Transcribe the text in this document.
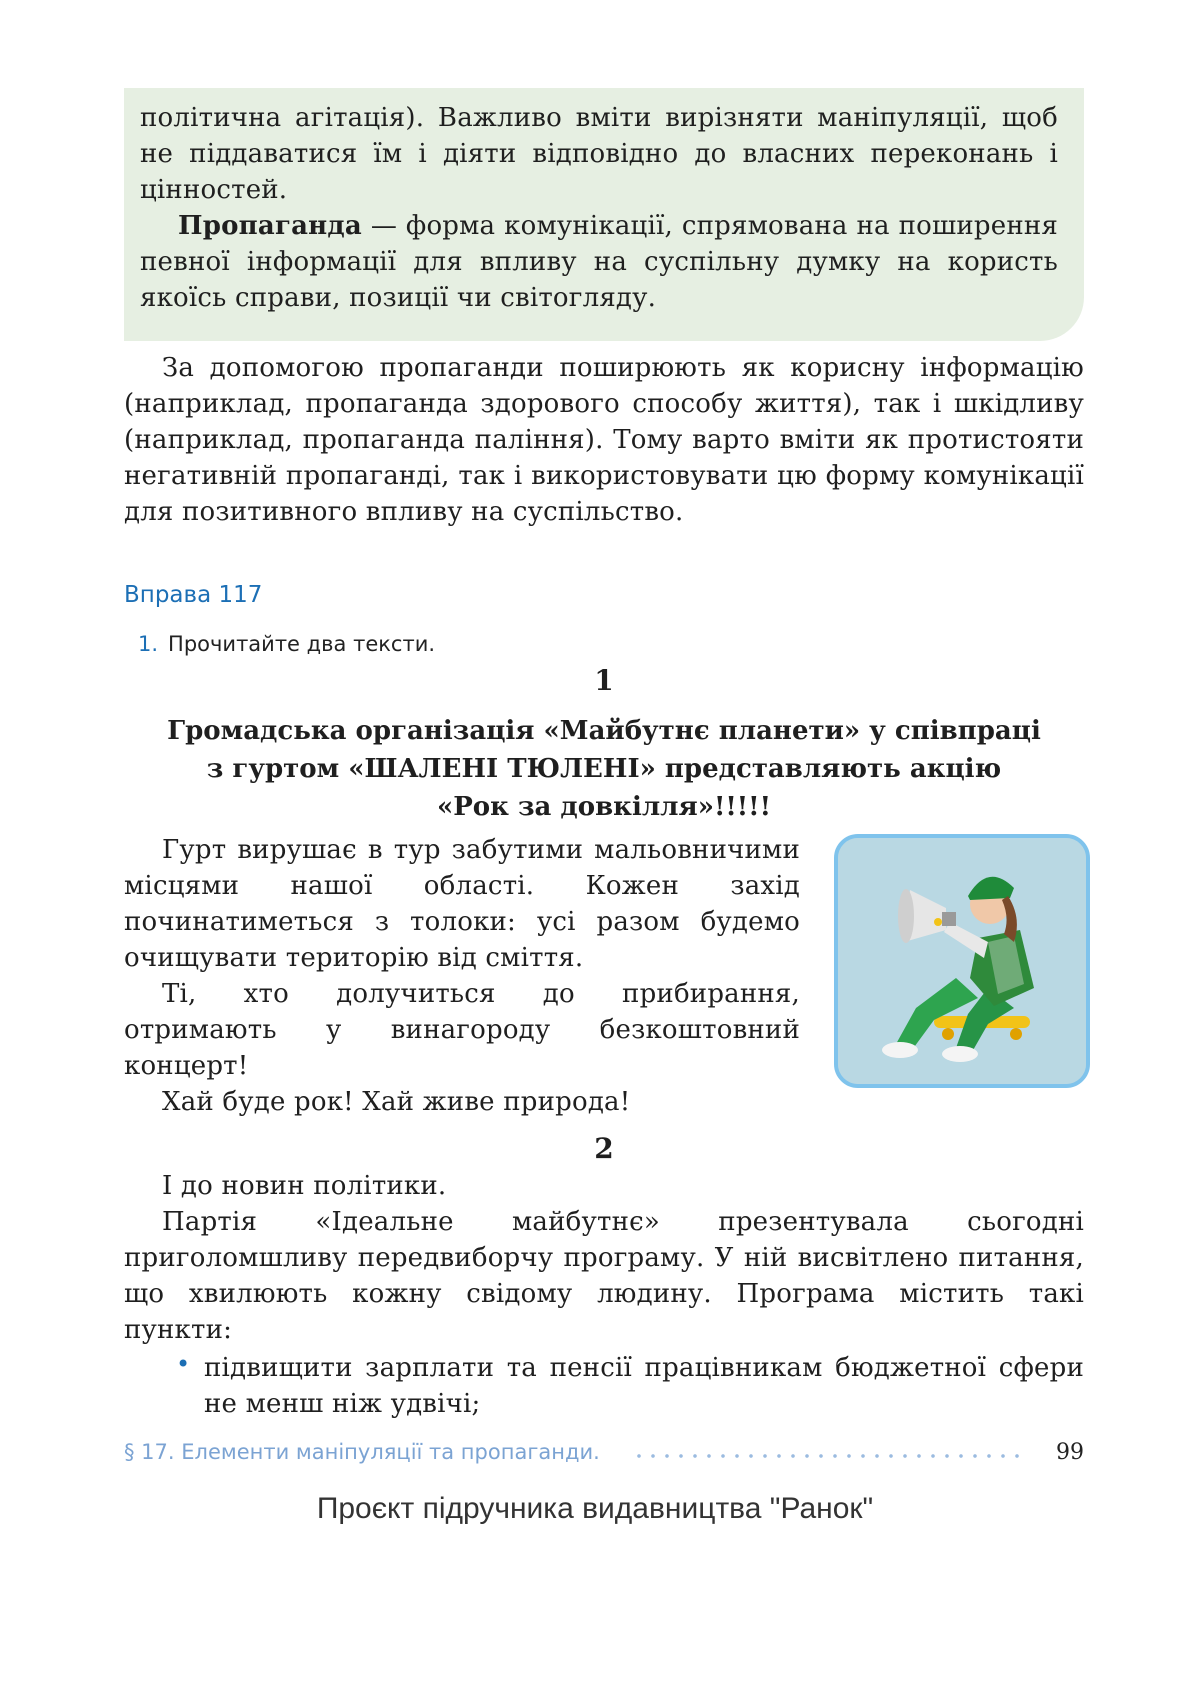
політична агітація). Важливо вміти вирізняти маніпуляції, щоб не піддаватися їм і діяти відповідно до власних переконань і цінностей.

Пропаганда — форма комунікації, спрямована на поширення певної інформації для впливу на суспільну думку на користь якоїсь справи, позиції чи світогляду.

За допомогою пропаганди поширюють як корисну інформацію (наприклад, пропаганда здорового способу життя), так і шкідливу (наприклад, пропаганда паління). Тому варто вміти як протистояти негативній пропаганді, так і використовувати цю форму комунікації для позитивного впливу на суспільство.

Вправа 117
1. Прочитайте два тексти.
1
Громадська організація «Майбутнє планети» у співпраці
з гуртом «ШАЛЕНІ ТЮЛЕНІ» представляють акцію
«Рок за довкілля»!!!!!

Гурт вирушає в тур забутими мальовничими місцями нашої області. Кожен захід починатиметься з толоки: усі разом будемо очищувати територію від сміття.

Ті, хто долучиться до прибирання, отримають у винагороду безкоштовний концерт!

Хай буде рок! Хай живе природа!

2

І до новин політики.

Партія «Ідеальне майбутнє» презентувала сьогодні приголомшливу передвиборчу програму. У ній висвітлено питання, що хвилюють кожну свідому людину. Програма містить такі пункти:

• підвищити зарплати та пенсії працівникам бюджетної сфери не менш ніж удвічі;
§ 17. Елементи маніпуляції та пропаганди.	99
Проєкт підручника видавництва "Ранок"
